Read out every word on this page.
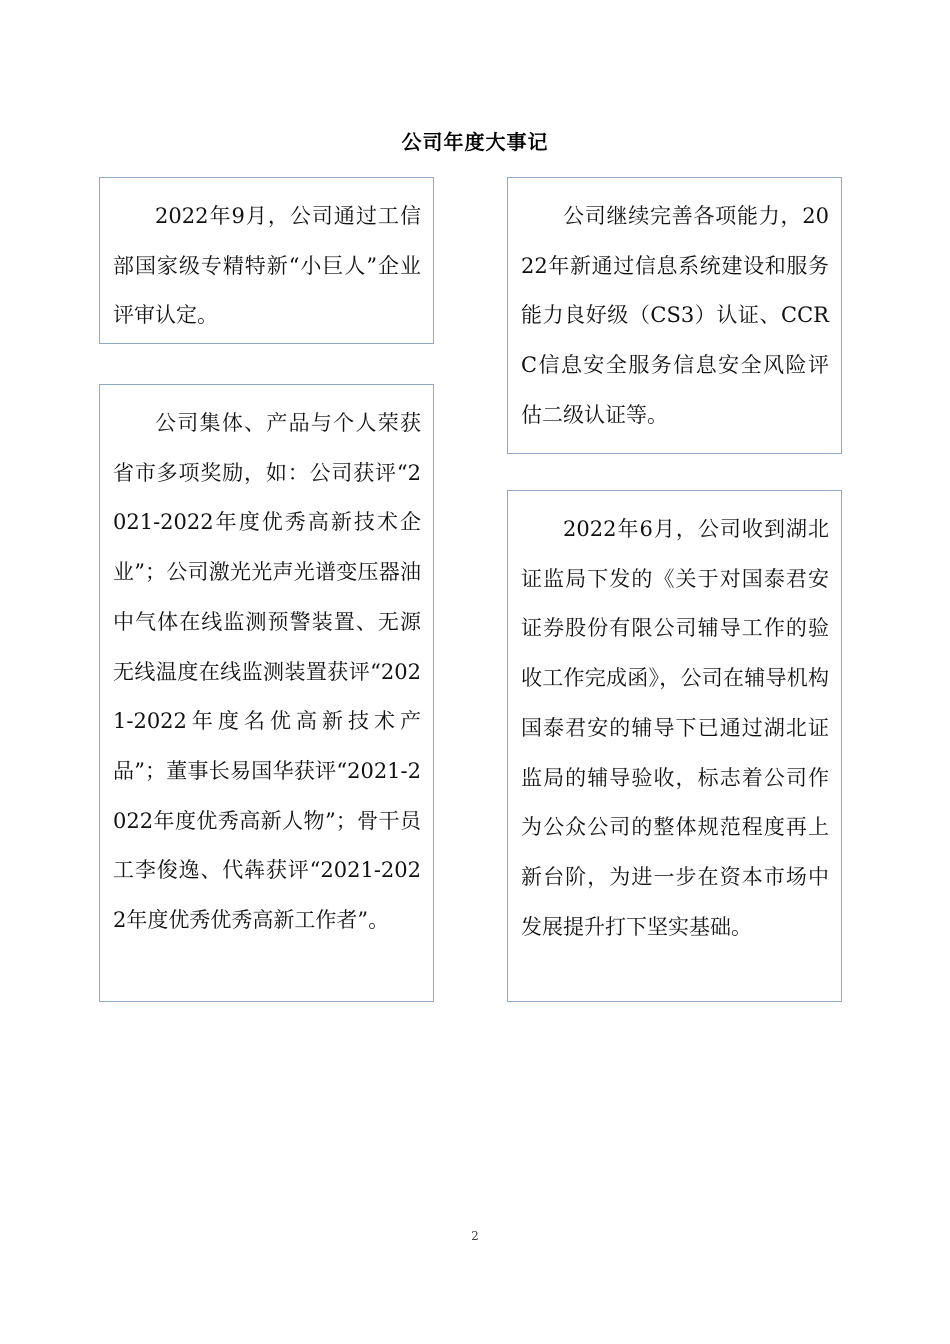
公司年度大事记

2022年9月，公司通过工信部国家级专精特新“小巨人”企业评审认定。

公司集体、产品与个人荣获省市多项奖励，如：公司获评“2021-2022年度优秀高新技术企业”；公司激光光声光谱变压器油中气体在线监测预警装置、无源无线温度在线监测装置获评“2021-2022年度名优高新技术产品”；董事长易国华获评“2021-2022年度优秀高新人物”；骨干员工李俊逸、代犇获评“2021-2022年度优秀优秀高新工作者”。

公司继续完善各项能力，2022年新通过信息系统建设和服务能力良好级（CS3）认证、CCRC信息安全服务信息安全风险评估二级认证等。

2022年6月，公司收到湖北证监局下发的《关于对国泰君安证券股份有限公司辅导工作的验收工作完成函》，公司在辅导机构国泰君安的辅导下已通过湖北证监局的辅导验收，标志着公司作为公众公司的整体规范程度再上新台阶，为进一步在资本市场中发展提升打下坚实基础。

2
